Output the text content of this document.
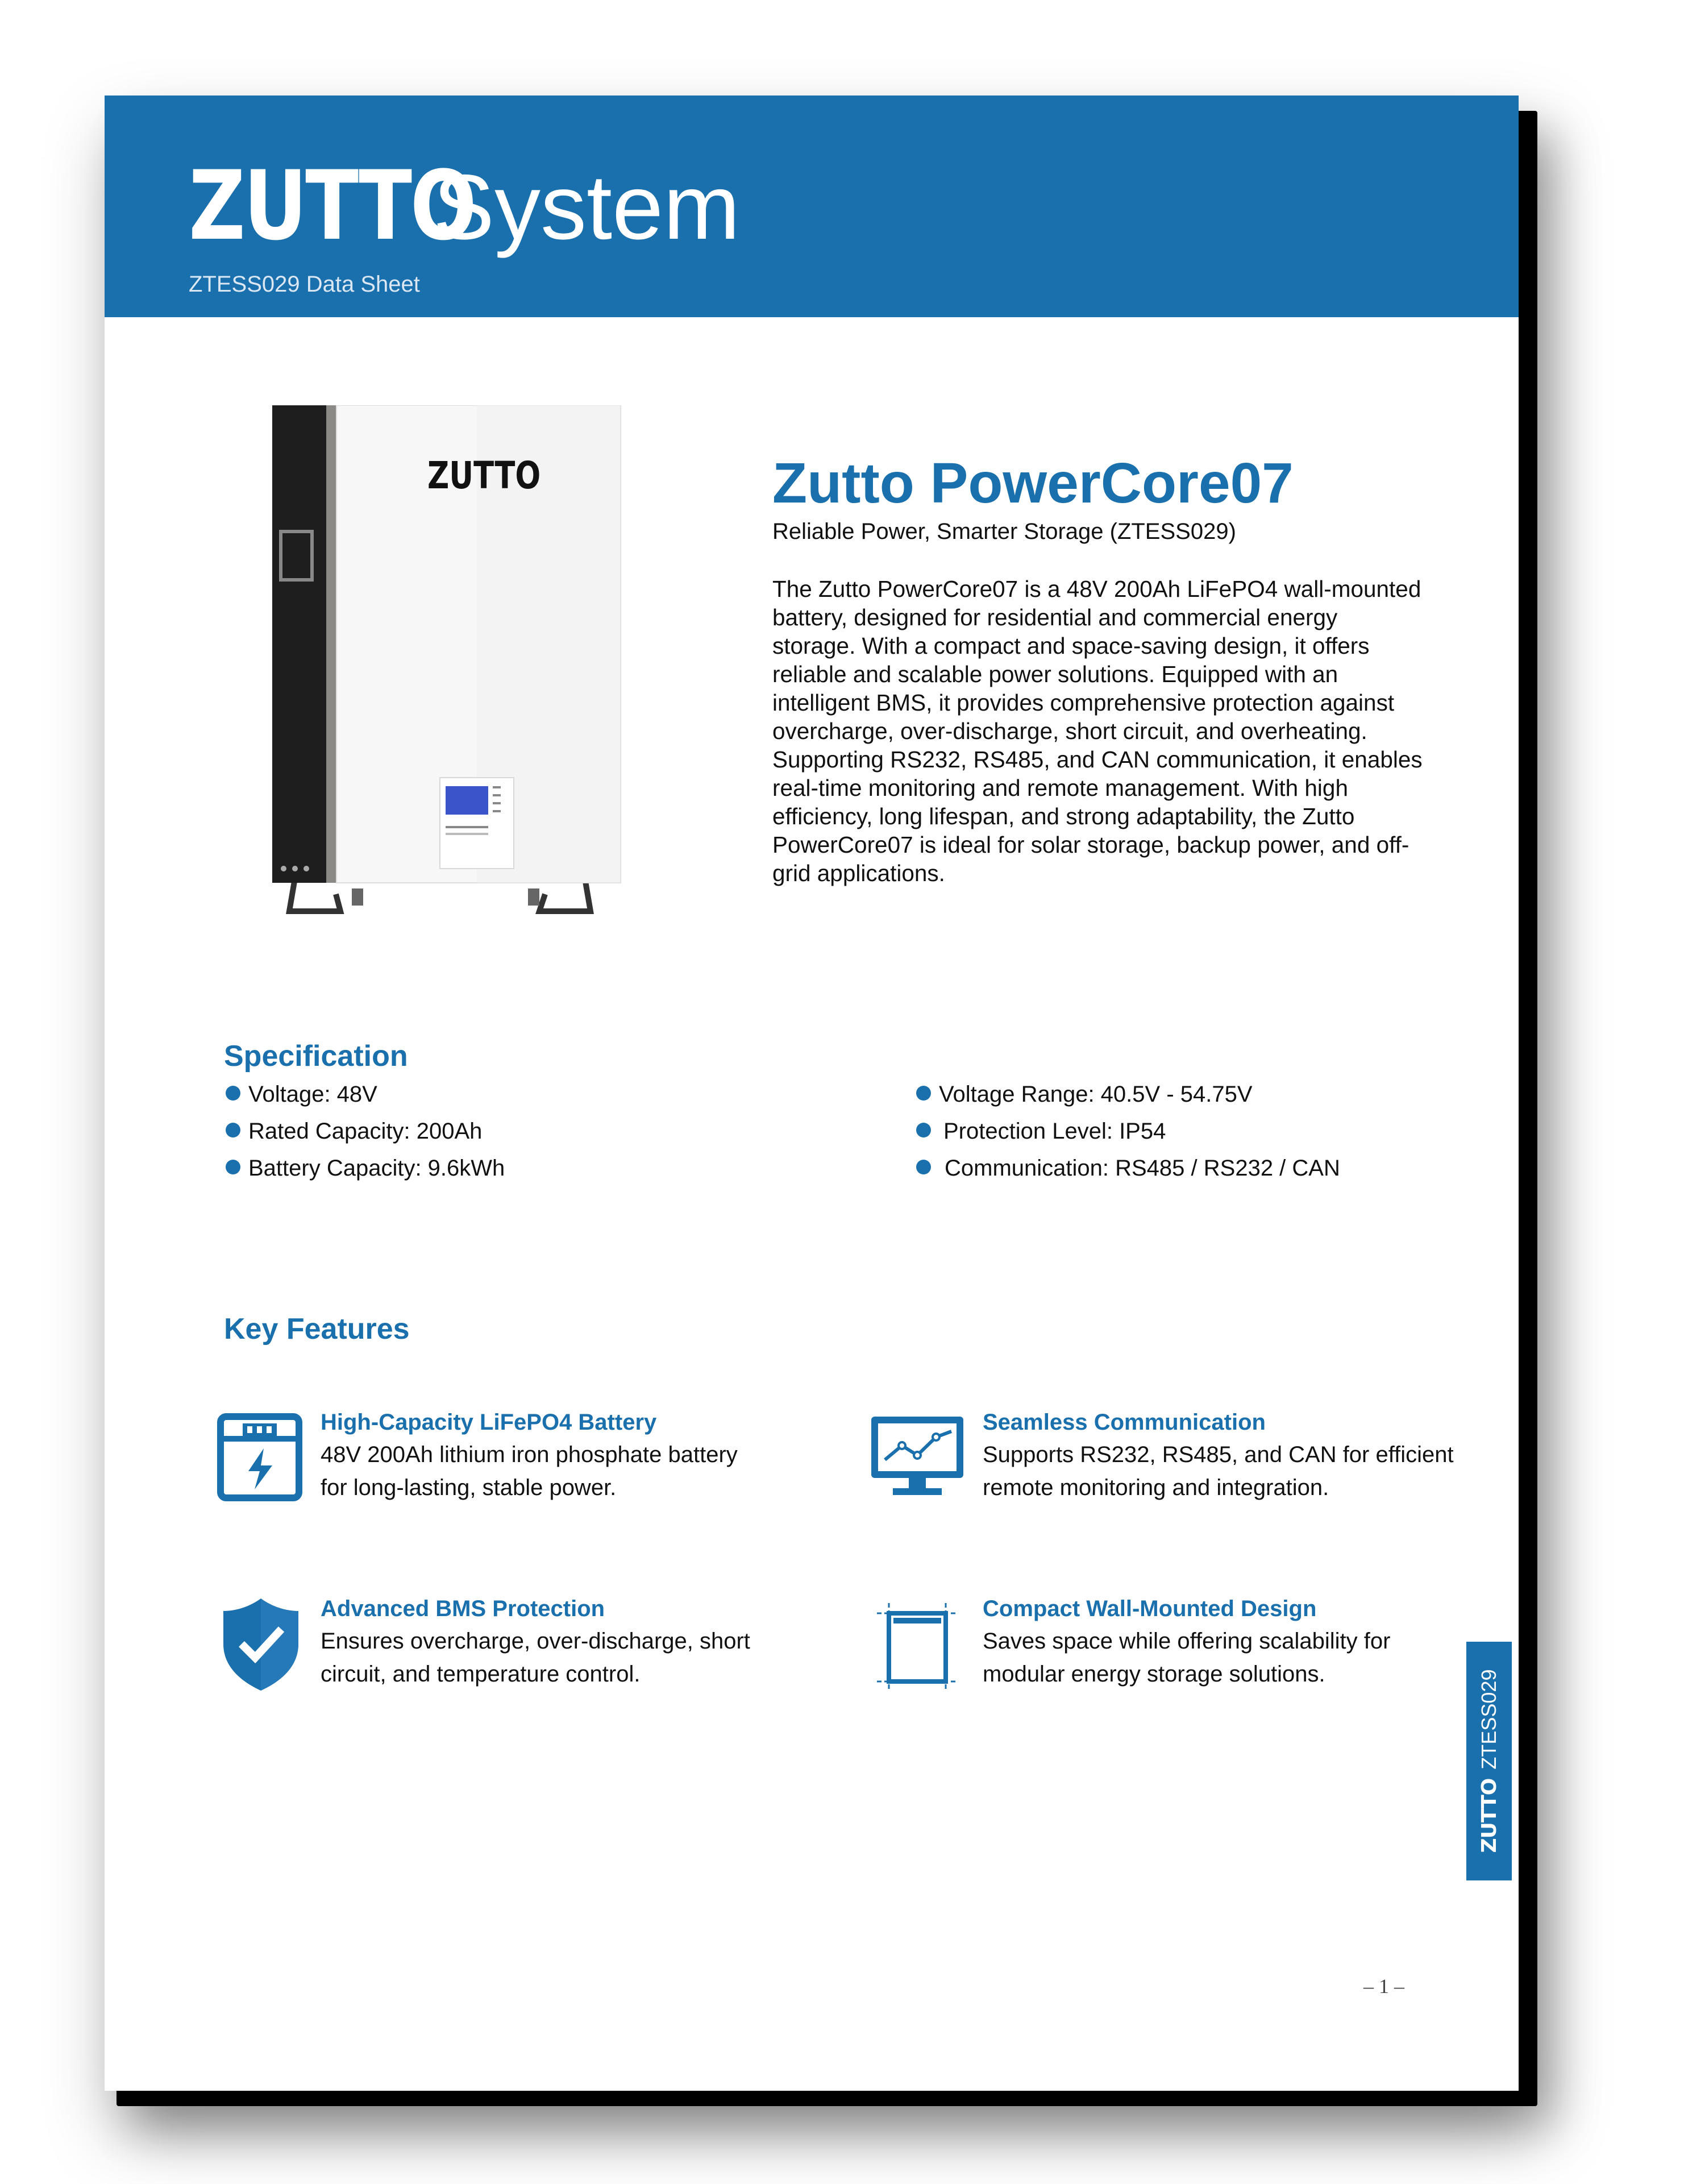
ZUTTO
System
ZTESS029 Data Sheet
ZUTTO	Zutto PowerCore07
Reliable Power, Smarter Storage (ZTESS029)
The Zutto PowerCore07 is a 48V 200Ah LiFePO4 wall-mounted battery, designed for residential and commercial energy storage. With a compact and space-saving design, it offers reliable and scalable power solutions. Equipped with an intelligent BMS, it provides comprehensive protection against overcharge, over-discharge, short circuit, and overheating. Supporting RS232, RS485, and CAN communication, it enables real-time monitoring and remote management. With high efficiency, long lifespan, and strong adaptability, the Zutto PowerCore07 is ideal for solar storage, backup power, and off-grid applications.
Specification
Voltage: 48V
Rated Capacity: 200Ah
Battery Capacity: 9.6kWh
Voltage Range: 40.5V - 54.75V
Protection Level: IP54
Communication: RS485 / RS232 / CAN
Key Features
High-Capacity LiFePO4 Battery
48V 200Ah lithium iron phosphate battery for long-lasting, stable power.
Seamless Communication
Supports RS232, RS485, and CAN for efficient remote monitoring and integration.
Advanced BMS Protection
Ensures overcharge, over-discharge, short circuit, and temperature control.
Compact Wall-Mounted Design
Saves space while offering scalability for modular energy storage solutions.
ZUTTOZTESS029
– 1 –
